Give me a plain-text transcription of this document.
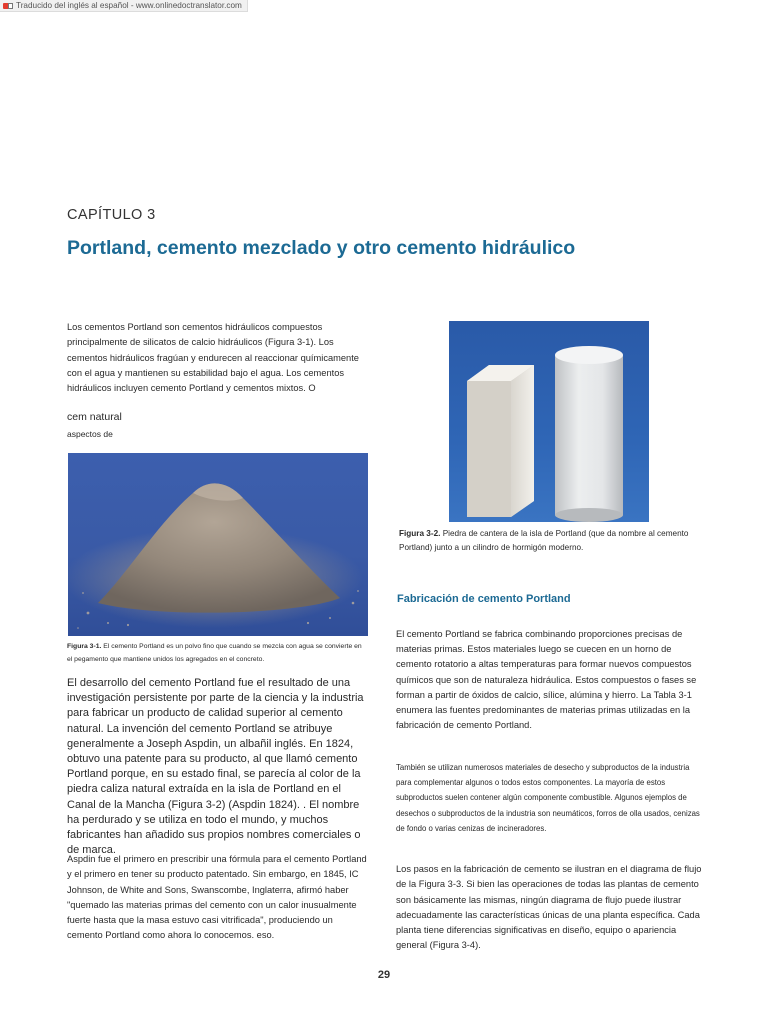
Traducido del inglés al español - www.onlinedoctranslator.com
CAPÍTULO 3
Portland, cemento mezclado y otro cemento hidráulico

Los cementos Portland son cementos hidráulicos compuestos principalmente de silicatos de calcio hidráulicos (Figura 3-1). Los cementos hidráulicos fragúan y endurecen al reaccionar químicamente con el agua y mantienen su estabilidad bajo el agua. Los cementos hidráulicos incluyen cemento Portland y cementos mixtos. O

cem natural

aspectos de

Figura 3-1. El cemento Portland es un polvo fino que cuando se mezcla con agua se convierte en el pegamento que mantiene unidos los agregados en el concreto.

El desarrollo del cemento Portland fue el resultado de una investigación persistente por parte de la ciencia y la industria para fabricar un producto de calidad superior al cemento natural. La invención del cemento Portland se atribuye generalmente a Joseph Aspdin, un albañil inglés. En 1824, obtuvo una patente para su producto, al que llamó cemento Portland porque, en su estado final, se parecía al color de la piedra caliza natural extraída en la isla de Portland en el Canal de la Mancha (Figura 3-2) (Aspdin 1824). . El nombre ha perdurado y se utiliza en todo el mundo, y muchos fabricantes han añadido sus propios nombres comerciales o de marca.

Aspdin fue el primero en prescribir una fórmula para el cemento Portland y el primero en tener su producto patentado. Sin embargo, en 1845, IC Johnson, de White and Sons, Swanscombe, Inglaterra, afirmó haber "quemado las materias primas del cemento con un calor inusualmente fuerte hasta que la masa estuvo casi vitrificada", produciendo un cemento Portland como ahora lo conocemos. eso.

Figura 3-2. Piedra de cantera de la isla de Portland (que da nombre al cemento Portland) junto a un cilindro de hormigón moderno.

Fabricación de cemento Portland

El cemento Portland se fabrica combinando proporciones precisas de materias primas. Estos materiales luego se cuecen en un horno de cemento rotatorio a altas temperaturas para formar nuevos compuestos químicos que son de naturaleza hidráulica. Estos compuestos o fases se forman a partir de óxidos de calcio, sílice, alúmina y hierro. La Tabla 3-1 enumera las fuentes predominantes de materias primas utilizadas en la fabricación de cemento Portland.

También se utilizan numerosos materiales de desecho y subproductos de la industria para complementar algunos o todos estos componentes. La mayoría de estos subproductos suelen contener algún componente combustible. Algunos ejemplos de desechos o subproductos de la industria son neumáticos, forros de olla usados, cenizas de fondo o varias cenizas de incineradores.

Los pasos en la fabricación de cemento se ilustran en el diagrama de flujo de la Figura 3-3. Si bien las operaciones de todas las plantas de cemento son básicamente las mismas, ningún diagrama de flujo puede ilustrar adecuadamente las características únicas de una planta específica. Cada planta tiene diferencias significativas en diseño, equipo o apariencia general (Figura 3-4).

29
